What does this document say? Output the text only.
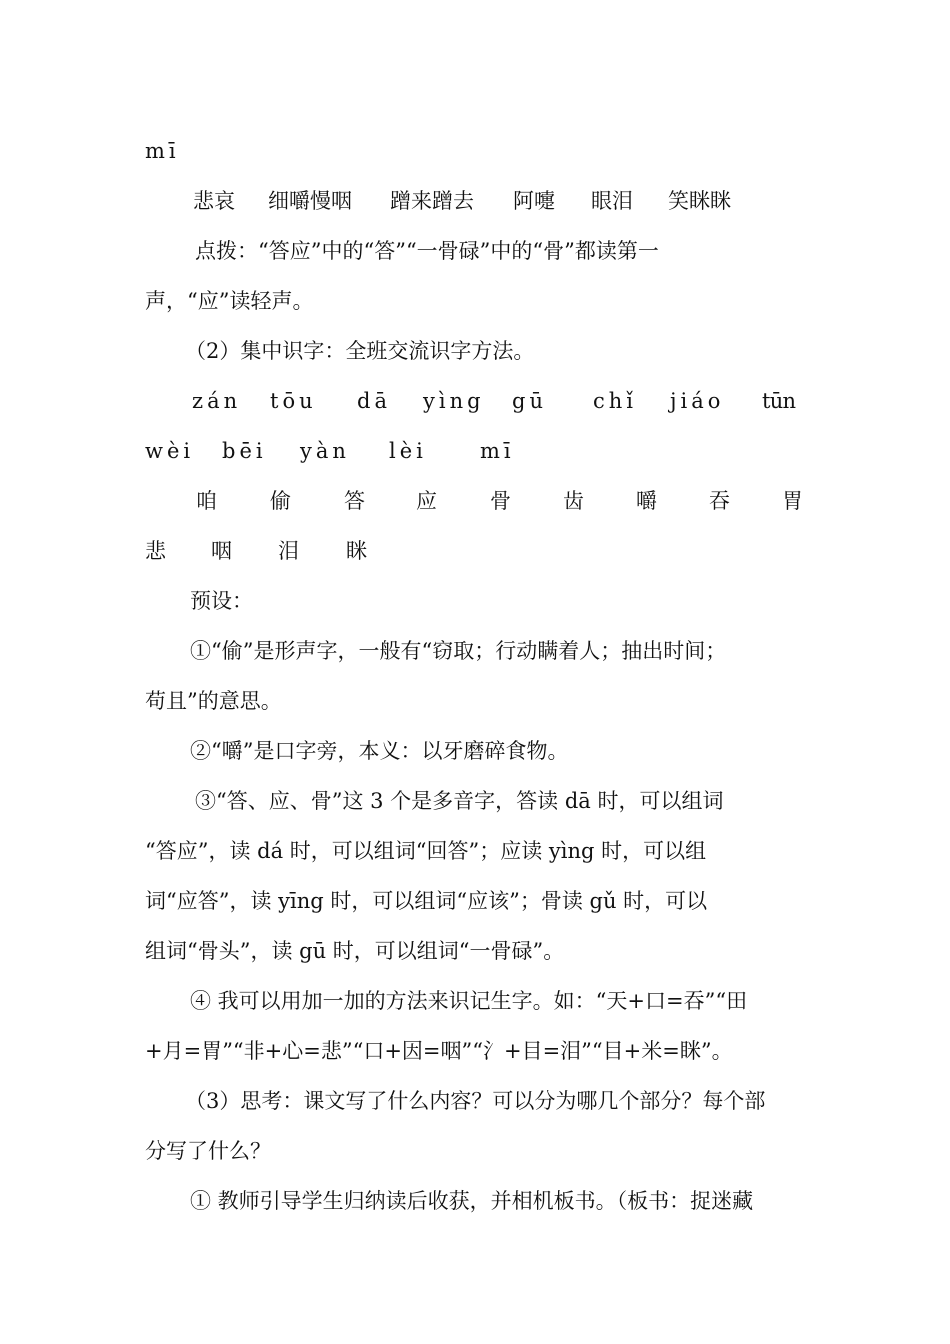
mī

悲哀

细嚼慢咽

蹭来蹭去

阿嚏

眼泪

笑眯眯

点拨：“答应”中的“答”“一骨碌”中的“骨”都读第一

声，“应”读轻声。

（2）集中识字：全班交流识字方法。

zán

tōu

dā

yìng

gū

chǐ

jiáo

tūn

wèi

bēi

yàn

lèi

	mī

咱

	偷

	答

应

	骨

齿

嚼

吞

胃

悲

咽

泪

眯

预设：

①“偷”是形声字，一般有“窃取；行动瞒着人；抽出时间；

苟且”的意思。

②“嚼”是口字旁，本义：以牙磨碎食物。

③“答、应、骨”这 3 个是多音字，答读 dā 时，可以组词

“答应”，读 dá 时，可以组词“回答”；应读 yìng 时，可以组

词“应答”，读 yīng 时，可以组词“应该”；骨读 gǔ 时，可以

组词“骨头”，读 gū 时，可以组词“一骨碌”。

④ 我可以用加一加的方法来识记生字。如：“天+口=吞”“田

+月=胃”“非+心=悲”“口+因=咽”“氵+目=泪”“目+米=眯”。

（3）思考：课文写了什么内容？可以分为哪几个部分？每个部

分写了什么？

① 教师引导学生归纳读后收获，并相机板书。（板书：捉迷藏
